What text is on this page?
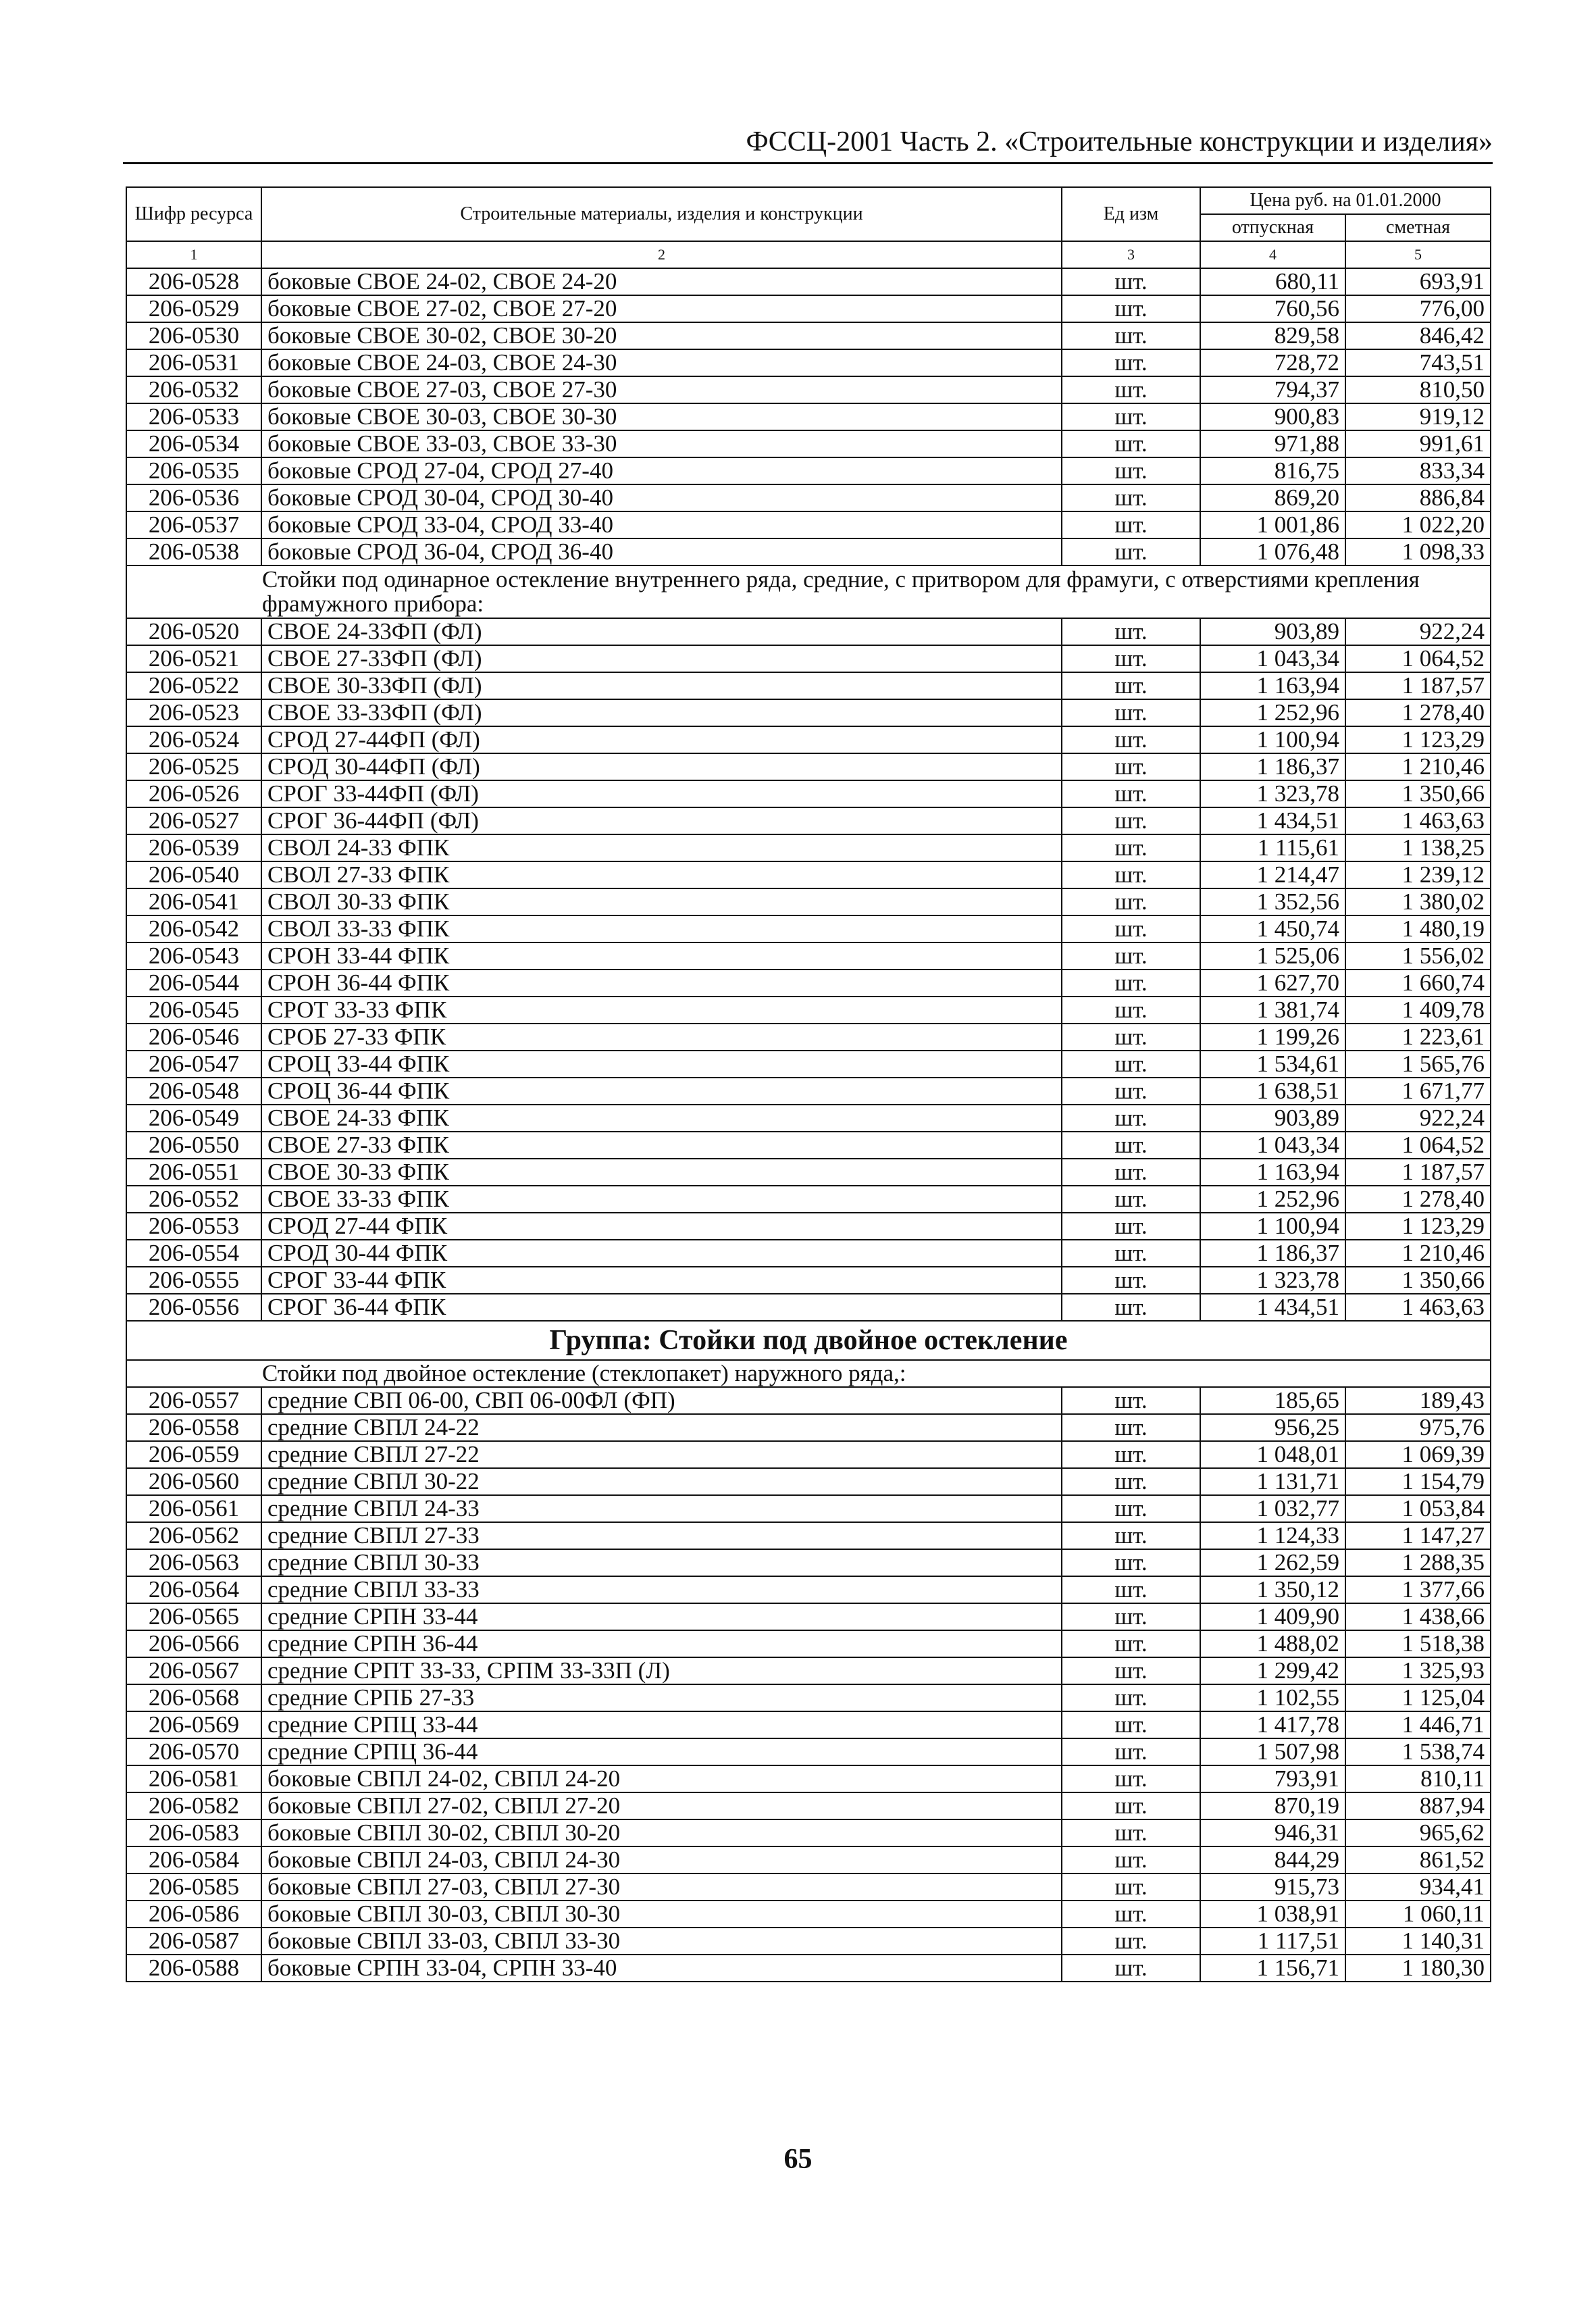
ФССЦ-2001 Часть 2. «Строительные конструкции и изделия»
Шифр ресурса	Строительные материалы, изделия и конструкции	Ед изм	Цена руб. на 01.01.2000	
			отпускная	сметная
1	2	3	4	5
206-0528	боковые СВОЕ 24-02, СВОЕ 24-20	шт.	680,11	693,91
206-0529	боковые СВОЕ 27-02, СВОЕ 27-20	шт.	760,56	776,00
206-0530	боковые СВОЕ 30-02, СВОЕ 30-20	шт.	829,58	846,42
206-0531	боковые СВОЕ 24-03, СВОЕ 24-30	шт.	728,72	743,51
206-0532	боковые СВОЕ 27-03, СВОЕ 27-30	шт.	794,37	810,50
206-0533	боковые СВОЕ 30-03, СВОЕ 30-30	шт.	900,83	919,12
206-0534	боковые СВОЕ 33-03, СВОЕ 33-30	шт.	971,88	991,61
206-0535	боковые СРОД 27-04, СРОД 27-40	шт.	816,75	833,34
206-0536	боковые СРОД 30-04, СРОД 30-40	шт.	869,20	886,84
206-0537	боковые СРОД 33-04, СРОД 33-40	шт.	1 001,86	1 022,20
206-0538	боковые СРОД 36-04, СРОД 36-40	шт.	1 076,48	1 098,33
Стойки под одинарное остекление внутреннего ряда, средние, с притвором для фрамуги, с отверстиями крепления фрамужного прибора:				
206-0520	СВОЕ 24-33ФП (ФЛ)	шт.	903,89	922,24
206-0521	СВОЕ 27-33ФП (ФЛ)	шт.	1 043,34	1 064,52
206-0522	СВОЕ 30-33ФП (ФЛ)	шт.	1 163,94	1 187,57
206-0523	СВОЕ 33-33ФП (ФЛ)	шт.	1 252,96	1 278,40
206-0524	СРОД 27-44ФП (ФЛ)	шт.	1 100,94	1 123,29
206-0525	СРОД 30-44ФП (ФЛ)	шт.	1 186,37	1 210,46
206-0526	СРОГ 33-44ФП (ФЛ)	шт.	1 323,78	1 350,66
206-0527	СРОГ 36-44ФП (ФЛ)	шт.	1 434,51	1 463,63
206-0539	СВОЛ 24-33 ФПК	шт.	1 115,61	1 138,25
206-0540	СВОЛ 27-33 ФПК	шт.	1 214,47	1 239,12
206-0541	СВОЛ 30-33 ФПК	шт.	1 352,56	1 380,02
206-0542	СВОЛ 33-33 ФПК	шт.	1 450,74	1 480,19
206-0543	СРОН 33-44 ФПК	шт.	1 525,06	1 556,02
206-0544	СРОН 36-44 ФПК	шт.	1 627,70	1 660,74
206-0545	СРОТ 33-33 ФПК	шт.	1 381,74	1 409,78
206-0546	СРОБ 27-33 ФПК	шт.	1 199,26	1 223,61
206-0547	СРОЦ 33-44 ФПК	шт.	1 534,61	1 565,76
206-0548	СРОЦ 36-44 ФПК	шт.	1 638,51	1 671,77
206-0549	СВОЕ 24-33 ФПК	шт.	903,89	922,24
206-0550	СВОЕ 27-33 ФПК	шт.	1 043,34	1 064,52
206-0551	СВОЕ 30-33 ФПК	шт.	1 163,94	1 187,57
206-0552	СВОЕ 33-33 ФПК	шт.	1 252,96	1 278,40
206-0553	СРОД 27-44 ФПК	шт.	1 100,94	1 123,29
206-0554	СРОД 30-44 ФПК	шт.	1 186,37	1 210,46
206-0555	СРОГ 33-44 ФПК	шт.	1 323,78	1 350,66
206-0556	СРОГ 36-44 ФПК	шт.	1 434,51	1 463,63
Группа: Стойки под двойное остекление				
Стойки под двойное остекление (стеклопакет) наружного ряда,:				
206-0557	средние СВП 06-00, СВП 06-00ФЛ (ФП)	шт.	185,65	189,43
206-0558	средние СВПЛ 24-22	шт.	956,25	975,76
206-0559	средние СВПЛ 27-22	шт.	1 048,01	1 069,39
206-0560	средние СВПЛ 30-22	шт.	1 131,71	1 154,79
206-0561	средние СВПЛ 24-33	шт.	1 032,77	1 053,84
206-0562	средние СВПЛ 27-33	шт.	1 124,33	1 147,27
206-0563	средние СВПЛ 30-33	шт.	1 262,59	1 288,35
206-0564	средние СВПЛ 33-33	шт.	1 350,12	1 377,66
206-0565	средние СРПН 33-44	шт.	1 409,90	1 438,66
206-0566	средние СРПН 36-44	шт.	1 488,02	1 518,38
206-0567	средние СРПТ 33-33, СРПМ 33-33П (Л)	шт.	1 299,42	1 325,93
206-0568	средние СРПБ 27-33	шт.	1 102,55	1 125,04
206-0569	средние СРПЦ 33-44	шт.	1 417,78	1 446,71
206-0570	средние СРПЦ 36-44	шт.	1 507,98	1 538,74
206-0581	боковые СВПЛ 24-02, СВПЛ 24-20	шт.	793,91	810,11
206-0582	боковые СВПЛ 27-02, СВПЛ 27-20	шт.	870,19	887,94
206-0583	боковые СВПЛ 30-02, СВПЛ 30-20	шт.	946,31	965,62
206-0584	боковые СВПЛ 24-03, СВПЛ 24-30	шт.	844,29	861,52
206-0585	боковые СВПЛ 27-03, СВПЛ 27-30	шт.	915,73	934,41
206-0586	боковые СВПЛ 30-03, СВПЛ 30-30	шт.	1 038,91	1 060,11
206-0587	боковые СВПЛ 33-03, СВПЛ 33-30	шт.	1 117,51	1 140,31
206-0588	боковые СРПН 33-04, СРПН 33-40	шт.	1 156,71	1 180,30
65
